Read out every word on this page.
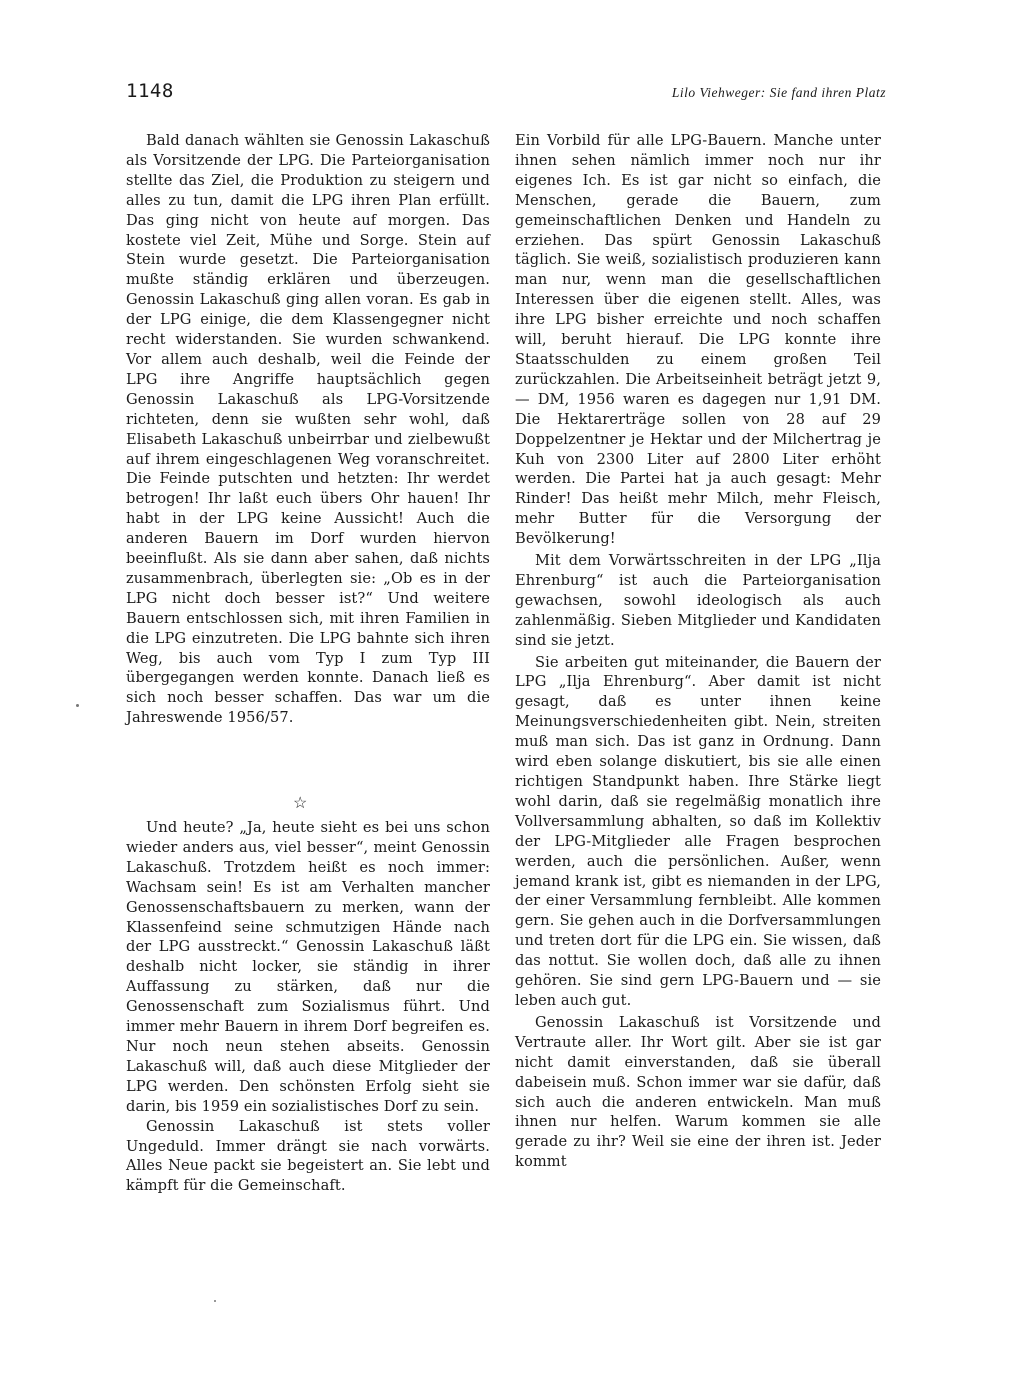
1148	Lilo Viehweger: Sie fand ihren Platz

Bald danach wählten sie Genossin Lakaschuß als Vorsitzende der LPG. Die Parteiorganisation stellte das Ziel, die Produktion zu steigern und alles zu tun, damit die LPG ihren Plan erfüllt. Das ging nicht von heute auf morgen. Das kostete viel Zeit, Mühe und Sorge. Stein auf Stein wurde gesetzt. Die Parteiorganisation mußte ständig erklären und überzeugen. Genossin Lakaschuß ging allen voran. Es gab in der LPG einige, die dem Klassengegner nicht recht widerstanden. Sie wurden schwankend. Vor allem auch deshalb, weil die Feinde der LPG ihre Angriffe hauptsächlich gegen Genossin Lakaschuß als LPG-Vorsitzende richteten, denn sie wußten sehr wohl, daß Elisabeth Lakaschuß unbeirrbar und zielbewußt auf ihrem eingeschlagenen Weg voranschreitet. Die Feinde putschten und hetzten: Ihr werdet betrogen! Ihr laßt euch übers Ohr hauen! Ihr habt in der LPG keine Aussicht! Auch die anderen Bauern im Dorf wurden hiervon beeinflußt. Als sie dann aber sahen, daß nichts zusammenbrach, überlegten sie: „Ob es in der LPG nicht doch besser ist?“ Und weitere Bauern entschlossen sich, mit ihren Familien in die LPG einzutreten. Die LPG bahnte sich ihren Weg, bis auch vom Typ I zum Typ III übergegangen werden konnte. Danach ließ es sich noch besser schaffen. Das war um die Jahreswende 1956/57.

☆

Und heute? „Ja, heute sieht es bei uns schon wieder anders aus, viel besser“, meint Genossin Lakaschuß. Trotzdem heißt es noch immer: Wachsam sein! Es ist am Verhalten mancher Genossenschaftsbauern zu merken, wann der Klassenfeind seine schmutzigen Hände nach der LPG ausstreckt.“ Genossin Lakaschuß läßt deshalb nicht locker, sie ständig in ihrer Auffassung zu stärken, daß nur die Genossenschaft zum Sozialismus führt. Und immer mehr Bauern in ihrem Dorf begreifen es. Nur noch neun stehen abseits. Genossin Lakaschuß will, daß auch diese Mitglieder der LPG werden. Den schönsten Erfolg sieht sie darin, bis 1959 ein sozialistisches Dorf zu sein.

Genossin Lakaschuß ist stets voller Ungeduld. Immer drängt sie nach vorwärts. Alles Neue packt sie begeistert an. Sie lebt und kämpft für die Gemeinschaft.

Ein Vorbild für alle LPG-Bauern. Manche unter ihnen sehen nämlich immer noch nur ihr eigenes Ich. Es ist gar nicht so einfach, die Menschen, gerade die Bauern, zum gemeinschaftlichen Denken und Handeln zu erziehen. Das spürt Genossin Lakaschuß täglich. Sie weiß, sozialistisch produzieren kann man nur, wenn man die gesellschaftlichen Interessen über die eigenen stellt. Alles, was ihre LPG bisher erreichte und noch schaffen will, beruht hierauf. Die LPG konnte ihre Staatsschulden zu einem großen Teil zurückzahlen. Die Arbeitseinheit beträgt jetzt 9,— DM, 1956 waren es dagegen nur 1,91 DM. Die Hektarerträge sollen von 28 auf 29 Doppelzentner je Hektar und der Milchertrag je Kuh von 2300 Liter auf 2800 Liter erhöht werden. Die Partei hat ja auch gesagt: Mehr Rinder! Das heißt mehr Milch, mehr Fleisch, mehr Butter für die Versorgung der Bevölkerung!

Mit dem Vorwärtsschreiten in der LPG „Ilja Ehrenburg“ ist auch die Parteiorganisation gewachsen, sowohl ideologisch als auch zahlenmäßig. Sieben Mitglieder und Kandidaten sind sie jetzt.

Sie arbeiten gut miteinander, die Bauern der LPG „Ilja Ehrenburg“. Aber damit ist nicht gesagt, daß es unter ihnen keine Meinungsverschiedenheiten gibt. Nein, streiten muß man sich. Das ist ganz in Ordnung. Dann wird eben solange diskutiert, bis sie alle einen richtigen Standpunkt haben. Ihre Stärke liegt wohl darin, daß sie regelmäßig monatlich ihre Vollversammlung abhalten, so daß im Kollektiv der LPG-Mitglieder alle Fragen besprochen werden, auch die persönlichen. Außer, wenn jemand krank ist, gibt es niemanden in der LPG, der einer Versammlung fernbleibt. Alle kommen gern. Sie gehen auch in die Dorfversammlungen und treten dort für die LPG ein. Sie wissen, daß das nottut. Sie wollen doch, daß alle zu ihnen gehören. Sie sind gern LPG-Bauern und — sie leben auch gut.

Genossin Lakaschuß ist Vorsitzende und Vertraute aller. Ihr Wort gilt. Aber sie ist gar nicht damit einverstanden, daß sie überall dabeisein muß. Schon immer war sie dafür, daß sich auch die anderen entwickeln. Man muß ihnen nur helfen. Warum kommen sie alle gerade zu ihr? Weil sie eine der ihren ist. Jeder kommt
